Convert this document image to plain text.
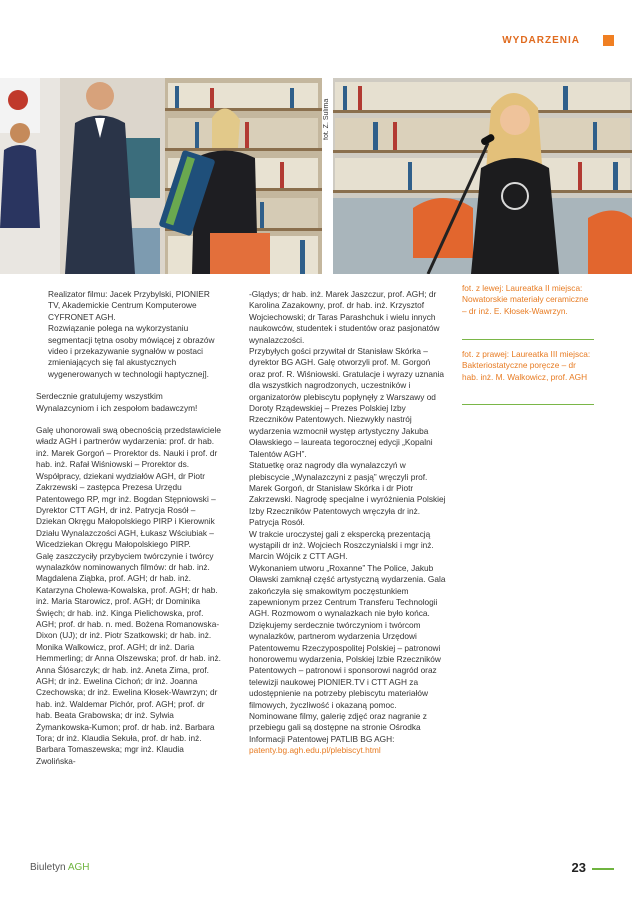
WYDARZENIA
fot. Z. Sulima

Realizator filmu: Jacek Przybylski, PIONIER TV, Akademickie Centrum Komputerowe CYFRONET AGH.

Rozwiązanie polega na wykorzystaniu segmentacji tętna osoby mówiącej z obrazów video i przekazywanie sygnałów w postaci zmieniających się fal akustycznych wygenerowanych w technologii haptycznej].

Serdecznie gratulujemy wszystkim Wynalazcyniom i ich zespołom badawczym!

Galę uhonorowali swą obecnością przedstawiciele władz AGH i partnerów wydarzenia: prof. dr hab. inż. Marek Gorgoń – Prorektor ds. Nauki i prof. dr hab. inż. Rafał Wiśniowski – Prorektor ds. Współpracy, dziekani wydziałów AGH, dr Piotr Zakrzewski – zastępca Prezesa Urzędu Patentowego RP, mgr inż. Bogdan Stępniowski – Dyrektor CTT AGH, dr inż. Patrycja Rosół – Dziekan Okręgu Małopolskiego PIRP i Kierownik Działu Wynalazczości AGH, Łukasz Wściubiak – Wicedziekan Okręgu Małopolskiego PIRP.

Galę zaszczyciły przybyciem twórczynie i twórcy wynalazków nominowanych filmów: dr hab. inż. Magdalena Ziąbka, prof. AGH; dr hab. inż. Katarzyna Cholewa-Kowalska, prof. AGH; dr hab. inż. Maria Starowicz, prof. AGH; dr Dominika Święch; dr hab. inż. Kinga Pielichowska, prof. AGH; prof. dr hab. n. med. Bożena Romanowska-Dixon (UJ); dr inż. Piotr Szatkowski; dr hab. inż. Monika Walkowicz, prof. AGH; dr inż. Daria Hemmerling; dr Anna Olszewska; prof. dr hab. inż. Anna Ślósarczyk; dr hab. inż. Aneta Zima, prof. AGH; dr inż. Ewelina Cichoń; dr inż. Joanna Czechowska; dr inż. Ewelina Kłosek-Wawrzyn; dr hab. inż. Waldemar Pichór, prof. AGH; prof. dr hab. Beata Grabowska; dr inż. Sylwia Żymankowska-Kumon; prof. dr hab. inż. Barbara Tora; dr inż. Klaudia Sekuła, prof. dr hab. inż. Barbara Tomaszewska; mgr inż. Klaudia Zwolińska-

-Glądys; dr hab. inż. Marek Jaszczur, prof. AGH; dr Karolina Zazakowny, prof. dr hab. inż. Krzysztof Wojciechowski; dr Taras Parashchuk i wielu innych naukowców, studentek i studentów oraz pasjonatów wynalazczości.

Przybyłych gości przywitał dr Stanisław Skórka – dyrektor BG AGH. Galę otworzyli prof. M. Gorgoń oraz prof. R. Wiśniowski. Gratulacje i wyrazy uznania dla wszystkich nagrodzonych, uczestników i organizatorów plebiscytu popłynęły z Warszawy od Doroty Rządewskiej – Prezes Polskiej Izby Rzeczników Patentowych. Niezwykły nastrój wydarzenia wzmocnił występ artystyczny Jakuba Oławskiego – laureata tegorocznej edycji „Kopalni Talentów AGH”.

Statuetkę oraz nagrody dla wynalazczyń w plebiscycie „Wynalazczyni z pasją” wręczyli prof. Marek Gorgoń, dr Stanisław Skórka i dr Piotr Zakrzewski. Nagrodę specjalne i wyróżnienia Polskiej Izby Rzeczników Patentowych wręczyła dr inż. Patrycja Rosół.

W trakcie uroczystej gali z ekspercką prezentacją wystąpili dr inż. Wojciech Roszczynialski i mgr inż. Marcin Wójcik z CTT AGH.

Wykonaniem utworu „Roxanne” The Police, Jakub Oławski zamknął część artystyczną wydarzenia. Gala zakończyła się smakowitym poczęstunkiem zapewnionym przez Centrum Transferu Technologii AGH. Rozmowom o wynalazkach nie było końca.

Dziękujemy serdecznie twórczyniom i twórcom wynalazków, partnerom wydarzenia Urzędowi Patentowemu Rzeczypospolitej Polskiej – patronowi honorowemu wydarzenia, Polskiej Izbie Rzeczników Patentowych – patronowi i sponsorowi nagród oraz telewizji naukowej PIONIER.TV i CTT AGH za udostępnienie na potrzeby plebiscytu materiałów filmowych, życzliwość i okazaną pomoc.

Nominowane filmy, galerię zdjęć oraz nagranie z przebiegu gali są dostępne na stronie Ośrodka Informacji Patentowej PATLIB BG AGH:

patenty.bg.agh.edu.pl/plebiscyt.html

fot. z lewej: Laureatka II miejsca: Nowatorskie materiały ceramiczne – dr inż. E. Kłosek-Wawrzyn.
fot. z prawej: Laureatka III miejsca: Bakteriostatyczne poręcze – dr hab. inż. M. Walkowicz, prof. AGH
Biuletyn AGH	23
